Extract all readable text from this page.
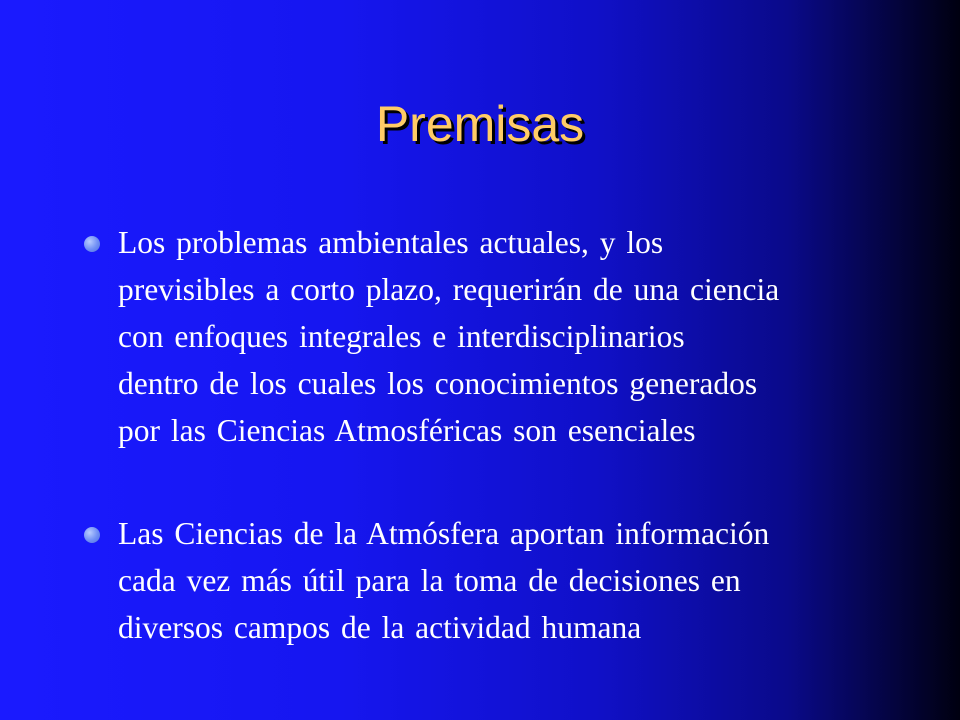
Premisas
Los problemas ambientales actuales, y los
previsibles a corto plazo, requerirán de una ciencia
con enfoques integrales e interdisciplinarios
dentro de los cuales los conocimientos generados
por las Ciencias Atmosféricas son esenciales
Las Ciencias de la Atmósfera aportan información
cada vez más útil para la toma de decisiones en
diversos campos de la actividad humana
